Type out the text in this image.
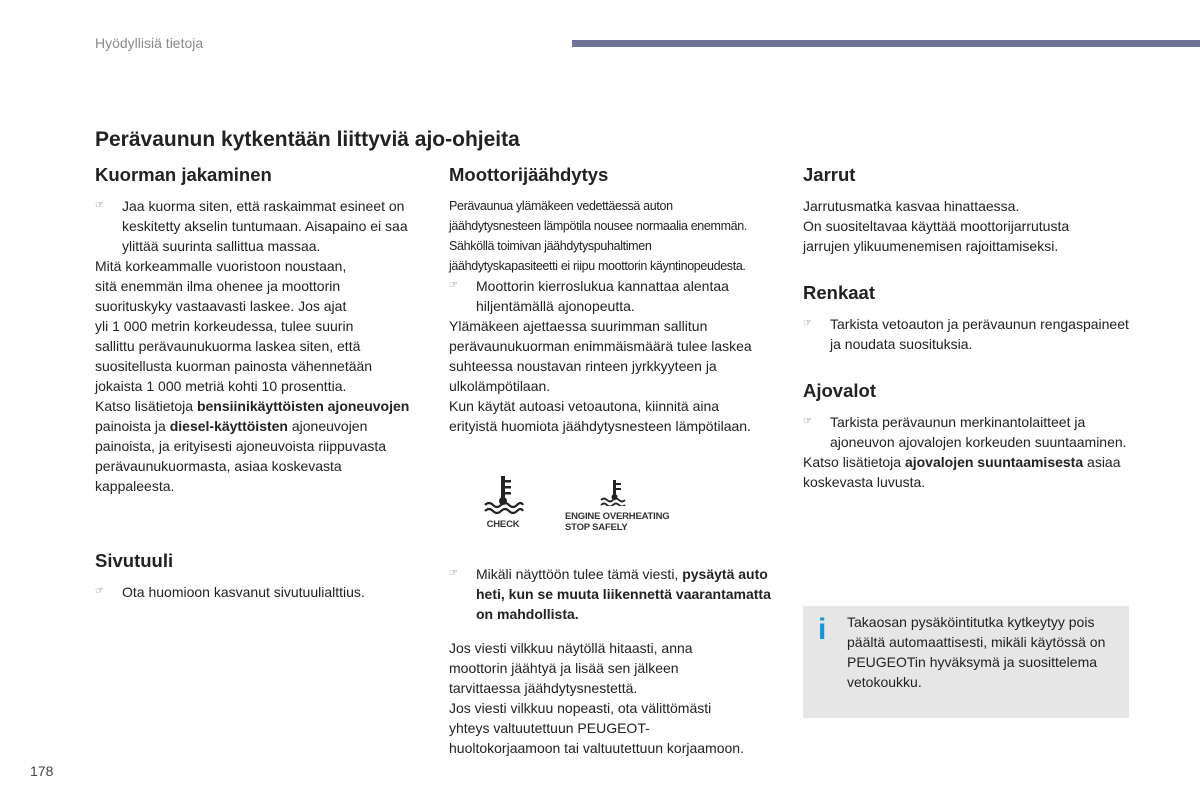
Hyödyllisiä tietoja
Perävaunun kytkentään liittyviä ajo-ohjeita
Kuorman jakaminen
☞	Jaa kuorma siten, että raskaimmat esineet on keskitetty akselin tuntumaan. Aisapaino ei saa ylittää suurinta sallittua massaa.

Mitä korkeammalle vuoristoon noustaan,

sitä enemmän ilma ohenee ja moottorin

suorituskyky vastaavasti laskee. Jos ajat

yli 1 000 metrin korkeudessa, tulee suurin

sallittu perävaunukuorma laskea siten, että

suositellusta kuorman painosta vähennetään

jokaista 1 000 metriä kohti 10 prosenttia.

Katso lisätietoja bensiinikäyttöisten ajoneuvojen painoista ja diesel-käyttöisten ajoneuvojen painoista, ja erityisesti ajoneuvoista riippuvasta perävaunukuormasta, asiaa koskevasta kappaleesta.

Sivutuuli
☞	Ota huomioon kasvanut sivutuulialttius.
Moottorijäähdytys

Perävaunua ylämäkeen vedettäessä auton

jäähdytysnesteen lämpötila nousee normaalia enemmän.

Sähköllä toimivan jäähdytyspuhaltimen

jäähdytyskapasiteetti ei riipu moottorin käyntinopeudesta.

☞	Moottorin kierroslukua kannattaa alentaa hiljentämällä ajonopeutta.

Ylämäkeen ajettaessa suurimman sallitun

perävaunukuorman enimmäismäärä tulee laskea

suhteessa noustavan rinteen jyrkkyyteen ja

ulkolämpötilaan.

Kun käytät autoasi vetoautona, kiinnitä aina

erityistä huomiota jäähdytysnesteen lämpötilaan.

CHECK
ENGINE OVERHEATING
STOP SAFELY
☞	Mikäli näyttöön tulee tämä viesti, pysäytä auto heti, kun se muuta liikennettä vaarantamatta on mahdollista.

Jos viesti vilkkuu näytöllä hitaasti, anna

moottorin jäähtyä ja lisää sen jälkeen

tarvittaessa jäähdytysnestettä.

Jos viesti vilkkuu nopeasti, ota välittömästi

yhteys valtuutettuun PEUGEOT-

huoltokorjaamoon tai valtuutettuun korjaamoon.

Jarrut

Jarrutusmatka kasvaa hinattaessa.

On suositeltavaa käyttää moottorijarrutusta

jarrujen ylikuumenemisen rajoittamiseksi.

Renkaat
☞	Tarkista vetoauton ja perävaunun rengaspaineet ja noudata suosituksia.
Ajovalot
☞	Tarkista perävaunun merkinantolaitteet ja ajoneuvon ajovalojen korkeuden suuntaaminen.

Katso lisätietoja ajovalojen suuntaamisesta asiaa koskevasta luvusta.

i Takaosan pysäköintitutka kytkeytyy pois päältä automaattisesti, mikäli käytössä on PEUGEOTin hyväksymä ja suosittelema vetokoukku.
178
